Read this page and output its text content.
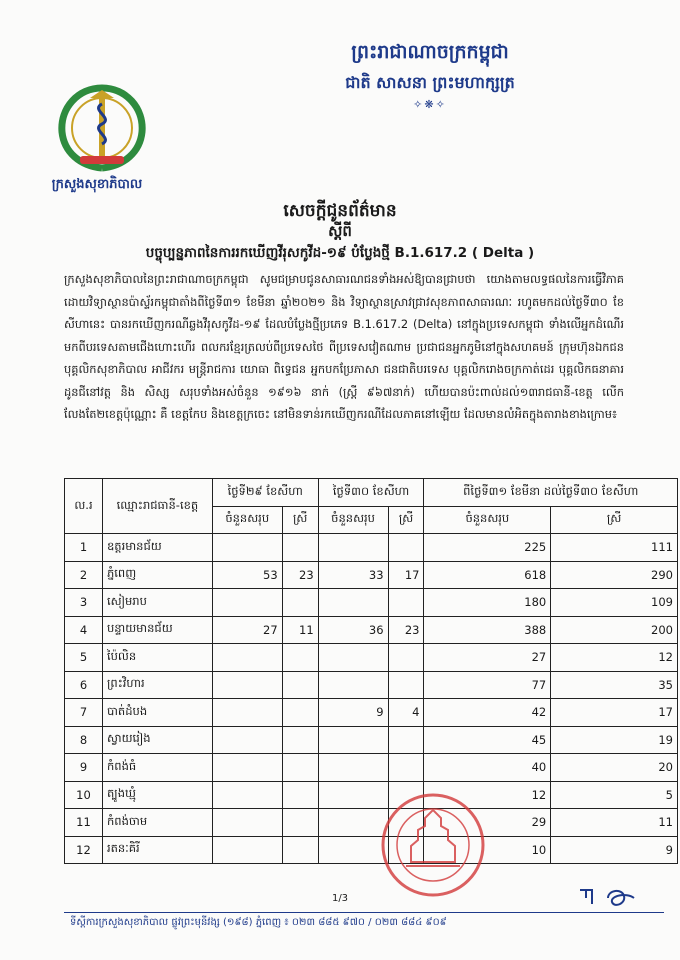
ព្រះរាជាណាចក្រកម្ពុជា
ជាតិ សាសនា ព្រះមហាក្សត្រ
✧❋✧
ក្រសួងសុខាភិបាល
សេចក្តីជូនព័ត៌មាន
ស្តីពី
បច្ចុប្បន្នភាពនៃការរកឃើញវីរុសកូវីដ-១៩ បំប្លែងថ្មី B.1.617.2 ( Delta )
ក្រសួងសុខាភិបាលនៃព្រះរាជាណាចក្រកម្ពុជា សូមជម្រាបជូនសាធារណជនទាំងអស់ឱ្យបានជ្រាបថា យោងតាមលទ្ធផលនៃការធ្វើវិភាគដោយវិទ្យាស្ថានប៉ាស្ទ័រកម្ពុជាតាំងពីថ្ងៃទី៣១ ខែមីនា ឆ្នាំ២០២១ និង វិទ្យាស្ថានស្រាវជ្រាវសុខភាពសាធារណៈ រហូតមកដល់ថ្ងៃទី៣០ ខែសីហានេះ បានរកឃើញករណីឆ្លងវីរុសកូវីដ-១៩ ដែលបំប្លែងថ្មីប្រភេទ B.1.617.2 (Delta) នៅក្នុងប្រទេសកម្ពុជា ទាំងលើអ្នកដំណើរមកពីបរទេសតាមជើងហោះហើរ ពលករខ្មែរត្រលប់ពីប្រទេសថៃ ពីប្រទេសវៀតណាម ប្រជាជនអ្នកភូមិនៅក្នុងសហគមន៍ ក្រុមហ៊ុនឯកជន បុគ្គលិកសុខាភិបាល អាជីវករ មន្ត្រីរាជការ យោធា ពិទ្ធេជន អ្នកបកប្រែភាសា ជនជាតិបរទេស បុគ្គលិករោងចក្រកាត់ដេរ បុគ្គលិកធនាគារ ដូនជីនៅវត្ត និង សិស្ស សរុបទាំងអស់ចំនួន ១៩១៦ នាក់ (ស្ត្រី ៩៦៧នាក់) ហើយបានប៉ះពាល់ដល់១៣រាជធានី-ខេត្ត លើកលែងតែ២ខេត្តប៉ុណ្ណោះ គឺ ខេត្តកែប និងខេត្តក្រចេះ នៅមិនទាន់រកឃើញករណីដែលភាគនៅឡើយ ដែលមានលំអិតក្នុងតារាងខាងក្រោម៖
ល.រ	ឈ្មោះរាជធានី-ខេត្ត	ថ្ងៃទី២៩ ខែសីហា		ថ្ងៃទី៣០ ខែសីហា		ពីថ្ងៃទី៣១ ខែមីនា ដល់ថ្ងៃទី៣០ ខែសីហា	
		ចំនួនសរុប	ស្រី	ចំនួនសរុប	ស្រី	ចំនួនសរុប	ស្រី
1	ឧត្តរមានជ័យ					225	111
2	ភ្នំពេញ	53	23	33	17	618	290
3	សៀមរាប					180	109
4	បន្ទាយមានជ័យ	27	11	36	23	388	200
5	ប៉ៃលិន					27	12
6	ព្រះវិហារ					77	35
7	បាត់ដំបង			9	4	42	17
8	ស្វាយរៀង					45	19
9	កំពង់ធំ					40	20
10	ត្បូងឃ្មុំ					12	5
11	កំពង់ចាម					29	11
12	រតនៈគិរី					10	9
1/3
ទីស្តីការក្រសួងសុខាភិបាល ផ្លូវព្រះមុនីវង្ស (១៩៨) ភ្នំពេញ ៖ ០២៣ ៨៨៥ ៩៧០ / ០២៣ ៨៨៤ ៩០៩
